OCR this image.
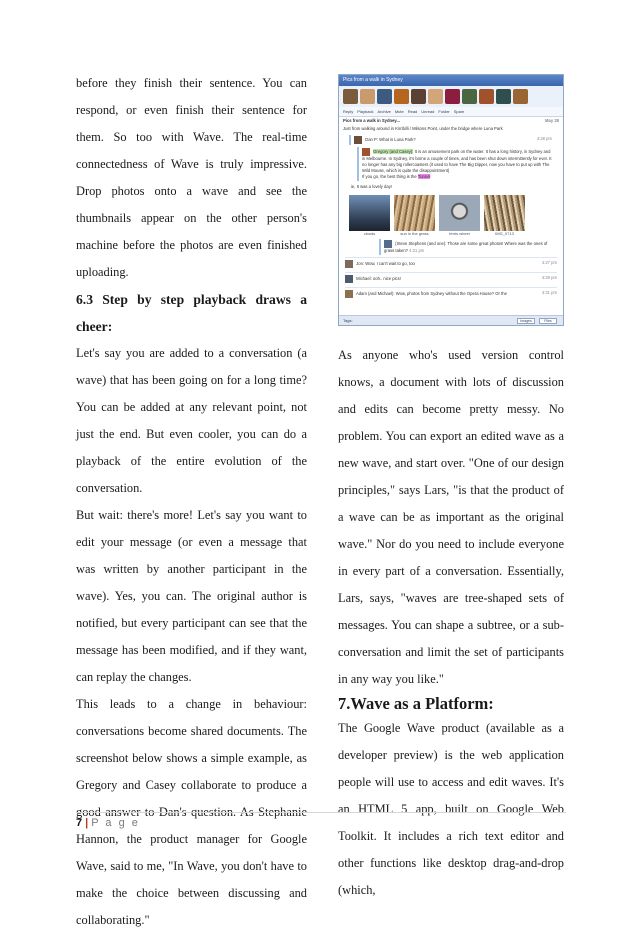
before they finish their sentence. You can respond, or even finish their sentence for them. So too with Wave. The real-time connectedness of Wave is truly impressive. Drop photos onto a wave and see the thumbnails appear on the other person's machine before the photos are even finished uploading.

6.3 Step by step playback draws a cheer:

Let's say you are added to a conversation (a wave) that has been going on for a long time? You can be added at any relevant point, not just the end. But even cooler, you can do a playback of the entire evolution of the conversation.

But wait: there's more! Let's say you want to edit your message (or even a message that was written by another participant in the wave). Yes, you can. The original author is notified, but every participant can see that the message has been modified, and if they want, can replay the changes.

This leads to a change in behaviour: conversations become shared documents. The screenshot below shows a simple example, as Gregory and Casey collaborate to produce a good answer to Dan's question. As Stephanie Hannon, the product manager for Google Wave, said to me, "In Wave, you don't have to make the choice between discussing and collaborating."

Pics from a walk in Sydney
Reply Playback Archive Mute Read Unread Folder Spam
Pics from a walk in Sydney...	May 28
Just from walking around in Kirribilli / Milsons Point, under the bridge where Luna Park
Dan P: What is Luna Park?	4:28 pm
Gregory (and Casey): It is an amusement park on the water. It has a long history, in Sydney and in Melbourne. In Sydney, it's borne a couple of times, and has been shut down intermittently for ever. It no longer has any big rollercoasters (it used to have The Big Dipper, now you have to put up with The Wild Mouse, which is quite the disappointment)
If you go, the best thing is the Tunnel
ie, It was a lovely day!
clouds	sun in the grass	ferris wheel	IMG_0713
(Steve Stephens (and one): Those are some great photos! Where was the ones of grass taken? 4:21 pm
Jon: Wow, I can't wait to go, too	4:27 pm
Michael: ooh.. nice pics!	4:29 pm
Adam (and Michael): Wow, photos from Sydney without the Opera House? Or the	4:31 pm
Tags:	Images	Files

As anyone who's used version control knows, a document with lots of discussion and edits can become pretty messy. No problem. You can export an edited wave as a new wave, and start over. "One of our design principles," says Lars, "is that the product of a wave can be as important as the original wave." Nor do you need to include everyone in every part of a conversation. Essentially, Lars, says, "waves are tree-shaped sets of messages. You can shape a subtree, or a sub-conversation and limit the set of participants in any way you like."

7.Wave as a Platform:

The Google Wave product (available as a developer preview) is the web application people will use to access and edit waves. It's an HTML 5 app, built on Google Web Toolkit. It includes a rich text editor and other functions like desktop drag-and-drop (which,

7 | P a g e
